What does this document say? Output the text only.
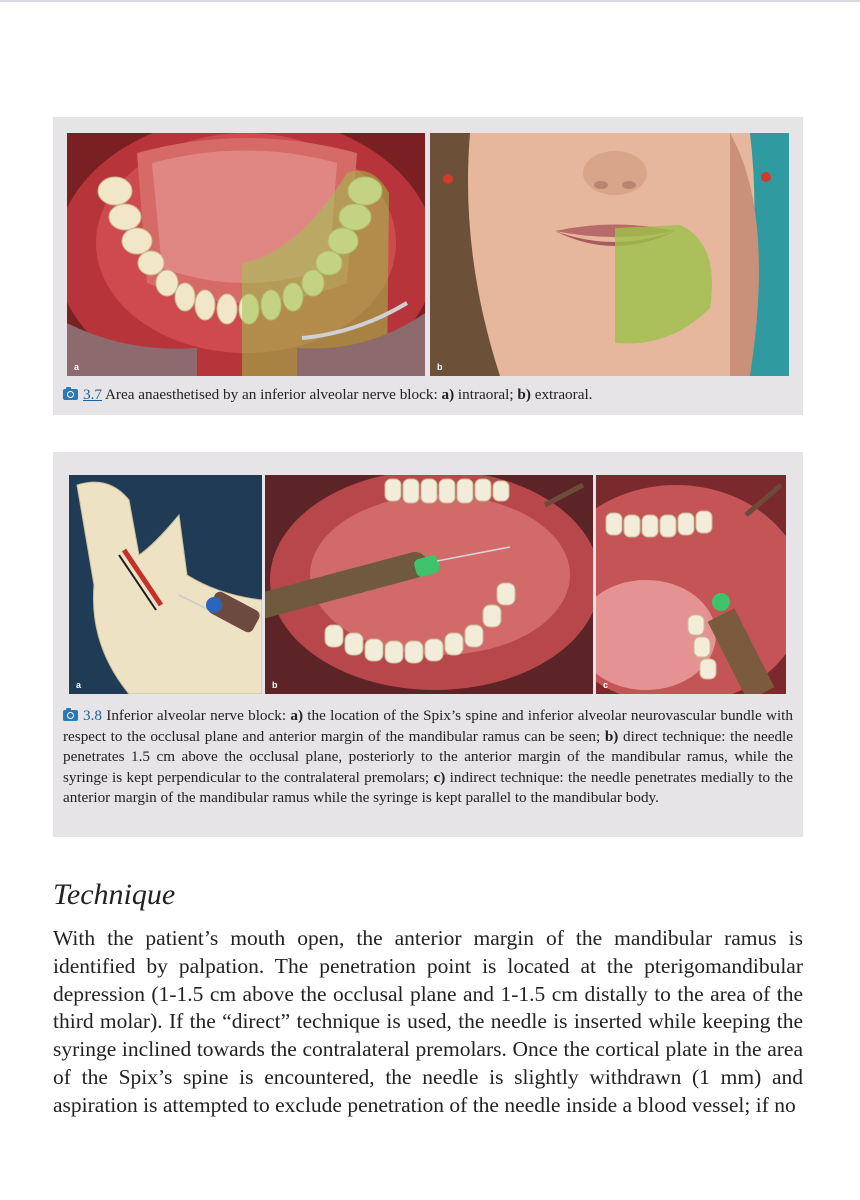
a	b
3.7 Area anaesthetised by an inferior alveolar nerve block: a) intraoral; b) extraoral.
a	b	c
3.8 Inferior alveolar nerve block: a) the location of the Spix’s spine and inferior alveolar neurovascular bundle with respect to the occlusal plane and anterior margin of the mandibular ramus can be seen; b) direct technique: the needle penetrates 1.5 cm above the occlusal plane, posteriorly to the anterior margin of the mandibular ramus, while the syringe is kept perpendicular to the contralateral premolars; c) indirect technique: the needle penetrates medially to the anterior margin of the mandibular ramus while the syringe is kept parallel to the mandibular body.
Technique

With the patient’s mouth open, the anterior margin of the mandibular ramus is identified by palpation. The penetration point is located at the pterigomandibular depression (1-1.5 cm above the occlusal plane and 1-1.5 cm distally to the area of the third molar). If the “direct” technique is used, the needle is inserted while keeping the syringe inclined towards the contralateral premolars. Once the cortical plate in the area of the Spix’s spine is encountered, the needle is slightly withdrawn (1 mm) and aspiration is attempted to exclude penetration of the needle inside a blood vessel; if no
